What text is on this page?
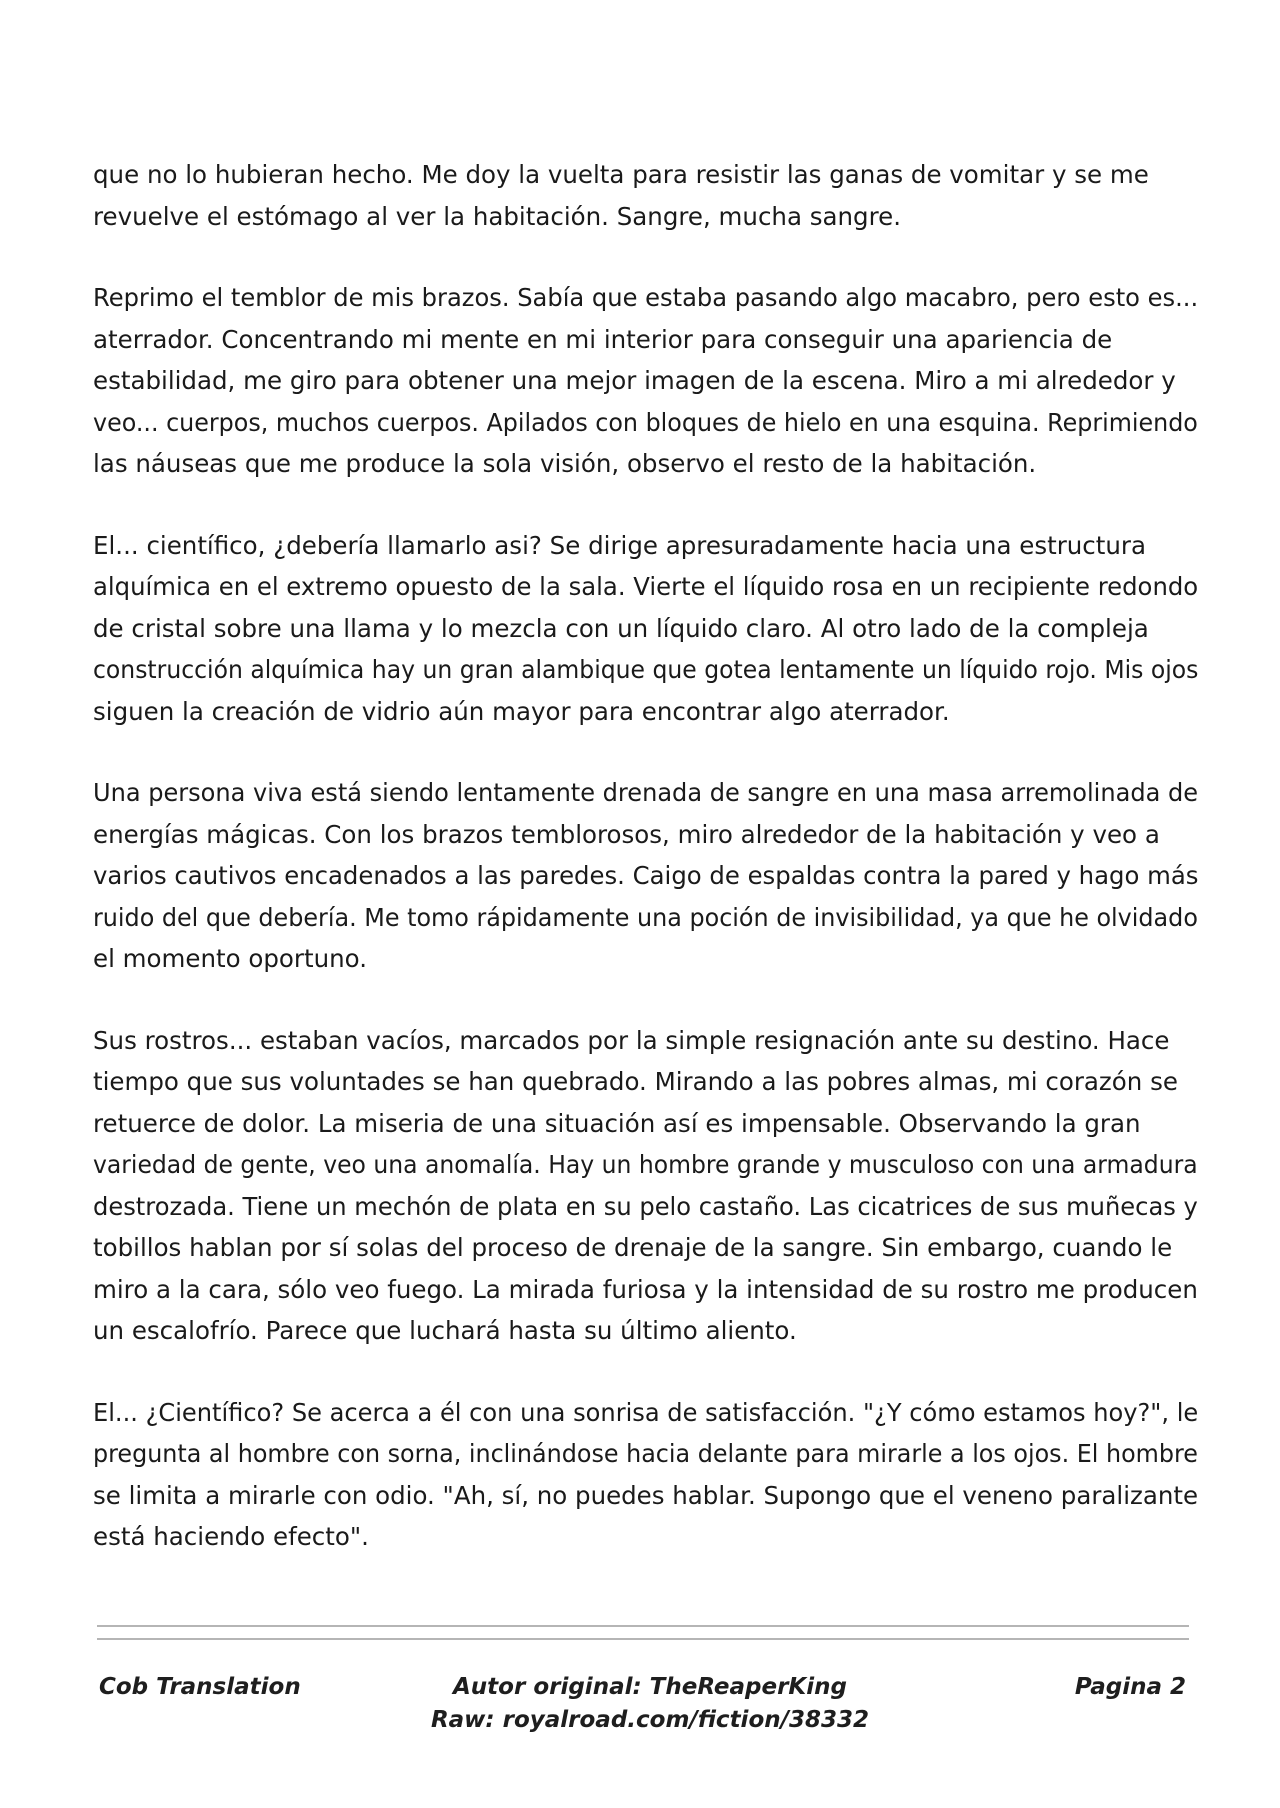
que no lo hubieran hecho. Me doy la vuelta para resistir las ganas de vomitar y se me
revuelve el estómago al ver la habitación. Sangre, mucha sangre.

Reprimo el temblor de mis brazos. Sabía que estaba pasando algo macabro, pero esto es...
aterrador. Concentrando mi mente en mi interior para conseguir una apariencia de
estabilidad, me giro para obtener una mejor imagen de la escena. Miro a mi alrededor y
veo... cuerpos, muchos cuerpos. Apilados con bloques de hielo en una esquina. Reprimiendo
las náuseas que me produce la sola visión, observo el resto de la habitación.

El... científico, ¿debería llamarlo asi? Se dirige apresuradamente hacia una estructura
alquímica en el extremo opuesto de la sala. Vierte el líquido rosa en un recipiente redondo
de cristal sobre una llama y lo mezcla con un líquido claro. Al otro lado de la compleja
construcción alquímica hay un gran alambique que gotea lentamente un líquido rojo. Mis ojos
siguen la creación de vidrio aún mayor para encontrar algo aterrador.

Una persona viva está siendo lentamente drenada de sangre en una masa arremolinada de
energías mágicas. Con los brazos temblorosos, miro alrededor de la habitación y veo a
varios cautivos encadenados a las paredes. Caigo de espaldas contra la pared y hago más
ruido del que debería. Me tomo rápidamente una poción de invisibilidad, ya que he olvidado
el momento oportuno.

Sus rostros... estaban vacíos, marcados por la simple resignación ante su destino. Hace
tiempo que sus voluntades se han quebrado. Mirando a las pobres almas, mi corazón se
retuerce de dolor. La miseria de una situación así es impensable. Observando la gran
variedad de gente, veo una anomalía. Hay un hombre grande y musculoso con una armadura
destrozada. Tiene un mechón de plata en su pelo castaño. Las cicatrices de sus muñecas y
tobillos hablan por sí solas del proceso de drenaje de la sangre. Sin embargo, cuando le
miro a la cara, sólo veo fuego. La mirada furiosa y la intensidad de su rostro me producen
un escalofrío. Parece que luchará hasta su último aliento.

El... ¿Científico? Se acerca a él con una sonrisa de satisfacción. "¿Y cómo estamos hoy?", le
pregunta al hombre con sorna, inclinándose hacia delante para mirarle a los ojos. El hombre
se limita a mirarle con odio. "Ah, sí, no puedes hablar. Supongo que el veneno paralizante
está haciendo efecto".

Cob Translation	Autor original: TheReaperKing
Raw: royalroad.com/fiction/38332
Pagina 2
